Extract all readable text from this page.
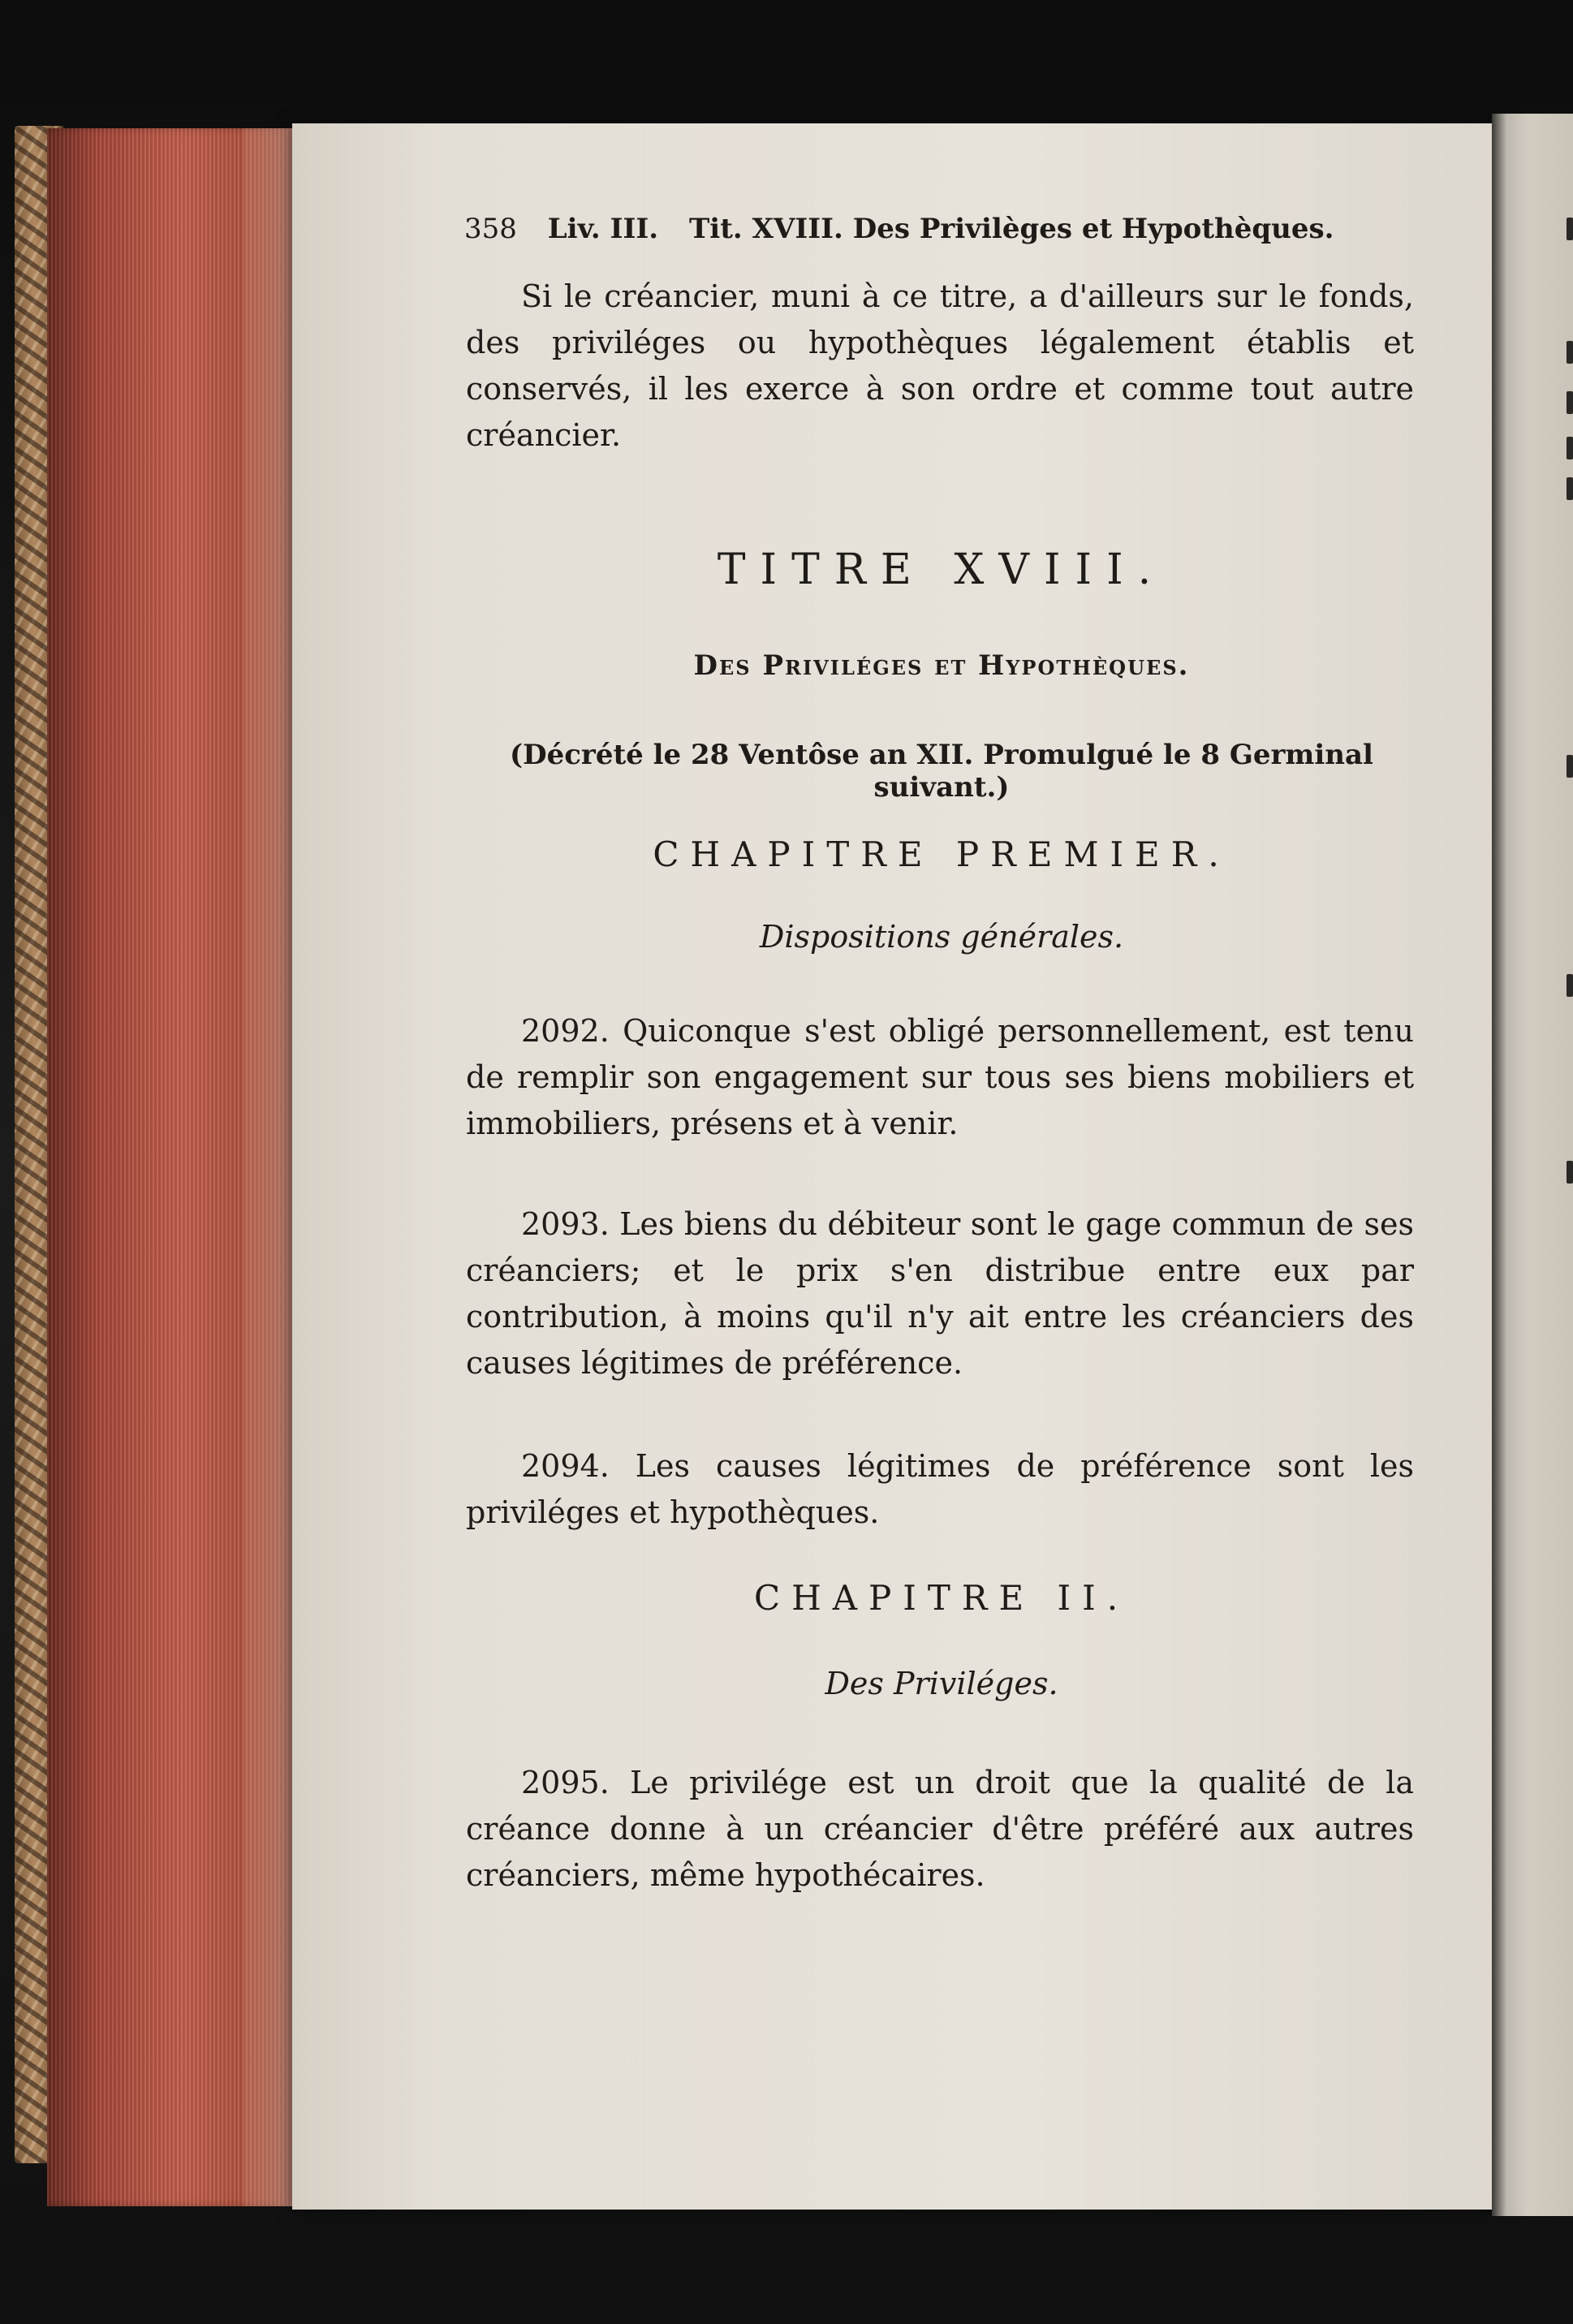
358 Liv. III. Tit. XVIII. Des Privilèges et Hypothèques.

Si le créancier, muni à ce titre, a d'ailleurs sur le fonds, des priviléges ou hypothèques légalement établis et conservés, il les exerce à son ordre et comme tout autre créancier.

TITRE XVIII.

Des Priviléges et Hypothèques.

(Décrété le 28 Ventôse an XII. Promulgué le 8 Germinal suivant.)

CHAPITRE PREMIER.

Dispositions générales.

2092. Quiconque s'est obligé personnellement, est tenu de remplir son engagement sur tous ses biens mobiliers et immobiliers, présens et à venir.

2093. Les biens du débiteur sont le gage commun de ses créanciers; et le prix s'en distribue entre eux par contribution, à moins qu'il n'y ait entre les créanciers des causes légitimes de préférence.

2094. Les causes légitimes de préférence sont les priviléges et hypothèques.

CHAPITRE II.

Des Priviléges.

2095. Le privilége est un droit que la qualité de la créance donne à un créancier d'être préféré aux autres créanciers, même hypothécaires.
